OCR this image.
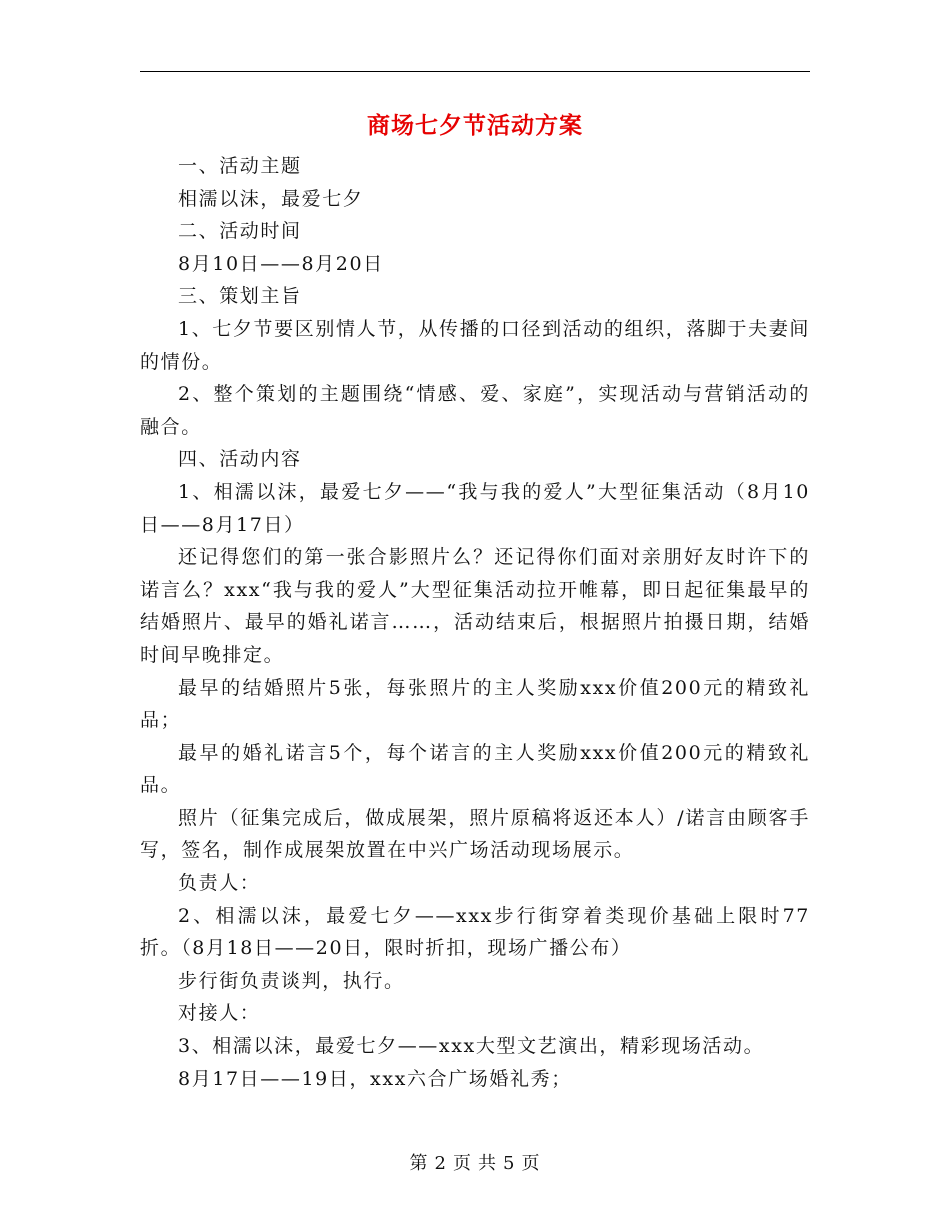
商场七夕节活动方案

一、活动主题

相濡以沫，最爱七夕

二、活动时间

8月10日——8月20日

三、策划主旨

1、七夕节要区别情人节，从传播的口径到活动的组织，落脚于夫妻间的情份。

2、整个策划的主题围绕“情感、爱、家庭”，实现活动与营销活动的融合。

四、活动内容

1、相濡以沫，最爱七夕——“我与我的爱人”大型征集活动（8月10日——8月17日）

还记得您们的第一张合影照片么？还记得你们面对亲朋好友时许下的诺言么？xxx“我与我的爱人”大型征集活动拉开帷幕，即日起征集最早的结婚照片、最早的婚礼诺言……，活动结束后，根据照片拍摄日期，结婚时间早晚排定。

最早的结婚照片5张，每张照片的主人奖励xxx价值200元的精致礼品；

最早的婚礼诺言5个，每个诺言的主人奖励xxx价值200元的精致礼品。

照片（征集完成后，做成展架，照片原稿将返还本人）/诺言由顾客手写，签名，制作成展架放置在中兴广场活动现场展示。

负责人：

2、相濡以沫，最爱七夕——xxx步行街穿着类现价基础上限时77折。（8月18日——20日，限时折扣，现场广播公布）

步行街负责谈判，执行。

对接人：

3、相濡以沫，最爱七夕——xxx大型文艺演出，精彩现场活动。

8月17日——19日，xxx六合广场婚礼秀；

第 2 页 共 5 页
